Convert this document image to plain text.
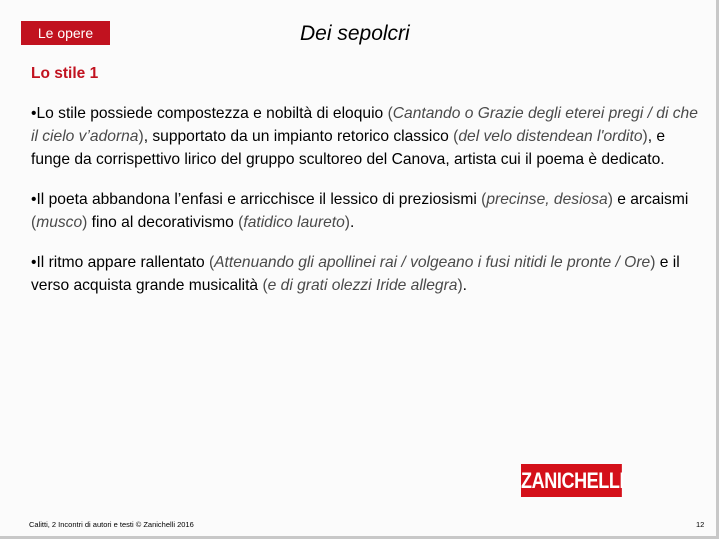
Le opere	Dei sepolcri
Lo stile 1

•Lo stile possiede compostezza e nobiltà di eloquio (Cantando o Grazie degli eterei pregi / di che il cielo v’adorna), supportato da un impianto retorico classico (del velo distendean l'ordito), e funge da corrispettivo lirico del gruppo scultoreo del Canova, artista cui il poema è dedicato.

•Il poeta abbandona l’enfasi e arricchisce il lessico di preziosismi (precinse, desiosa) e arcaismi (musco) fino al decorativismo (fatidico laureto).

•Il ritmo appare rallentato (Attenuando gli apollinei rai / volgeano i fusi nitidi le pronte / Ore) e il verso acquista grande musicalità (e di grati olezzi Iride allegra).

ZANICHELLI
Calitti, 2 Incontri di autori e testi © Zanichelli 2016	12
